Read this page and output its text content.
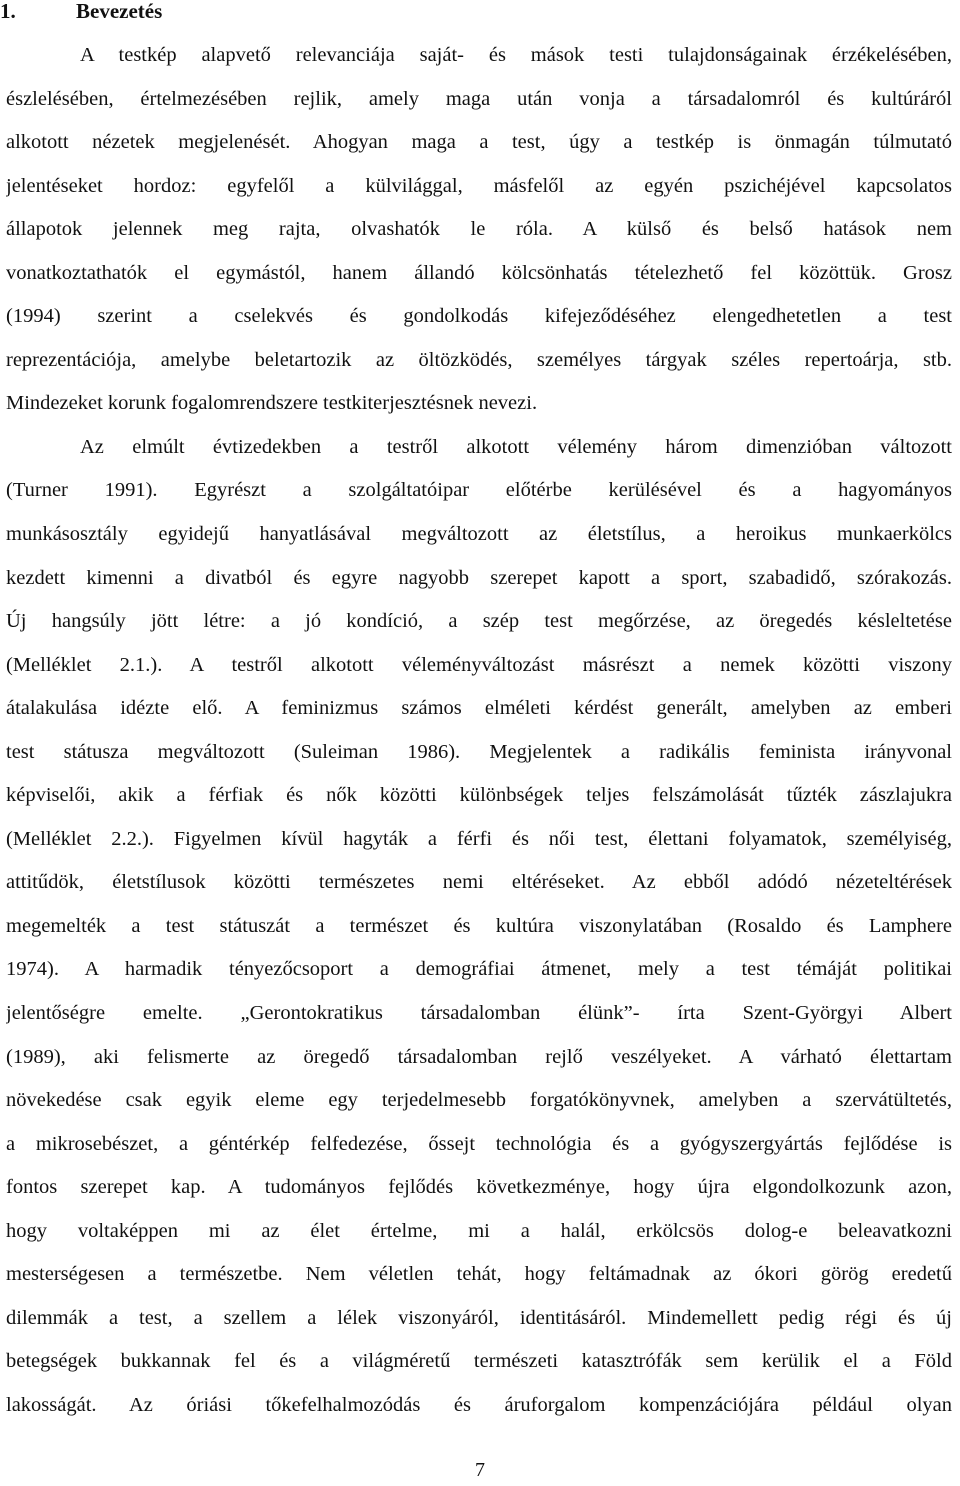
1.	Bevezetés
A testkép alapvető relevanciája saját- és mások testi tulajdonságainak érzékelésében,
észlelésében, értelmezésében rejlik, amely maga után vonja a társadalomról és kultúráról
alkotott nézetek megjelenését. Ahogyan maga a test, úgy a testkép is önmagán túlmutató
jelentéseket hordoz: egyfelől a külvilággal, másfelől az egyén pszichéjével kapcsolatos
állapotok jelennek meg rajta, olvashatók le róla. A külső és belső hatások nem
vonatkoztathatók el egymástól, hanem állandó kölcsönhatás tételezhető fel közöttük. Grosz
(1994) szerint a cselekvés és gondolkodás kifejeződéséhez elengedhetetlen a test
reprezentációja, amelybe beletartozik az öltözködés, személyes tárgyak széles repertoárja, stb.
Mindezeket korunk fogalomrendszere testkiterjesztésnek nevezi.
Az elmúlt évtizedekben a testről alkotott vélemény három dimenzióban változott
(Turner 1991). Egyrészt a szolgáltatóipar előtérbe kerülésével és a hagyományos
munkásosztály egyidejű hanyatlásával megváltozott az életstílus, a heroikus munkaerkölcs
kezdett kimenni a divatból és egyre nagyobb szerepet kapott a sport, szabadidő, szórakozás.
Új hangsúly jött létre: a jó kondíció, a szép test megőrzése, az öregedés késleltetése
(Melléklet 2.1.). A testről alkotott véleményváltozást másrészt a nemek közötti viszony
átalakulása idézte elő. A feminizmus számos elméleti kérdést generált, amelyben az emberi
test státusza megváltozott (Suleiman 1986). Megjelentek a radikális feminista irányvonal
képviselői, akik a férfiak és nők közötti különbségek teljes felszámolását tűzték zászlajukra
(Melléklet 2.2.). Figyelmen kívül hagyták a férfi és női test, élettani folyamatok, személyiség,
attitűdök, életstílusok közötti természetes nemi eltéréseket. Az ebből adódó nézeteltérések
megemelték a test státuszát a természet és kultúra viszonylatában (Rosaldo és Lamphere
1974). A harmadik tényezőcsoport a demográfiai átmenet, mely a test témáját politikai
jelentőségre emelte. „Gerontokratikus társadalomban élünk”- írta Szent-Györgyi Albert
(1989), aki felismerte az öregedő társadalomban rejlő veszélyeket. A várható élettartam
növekedése csak egyik eleme egy terjedelmesebb forgatókönyvnek, amelyben a szervátültetés,
a mikrosebészet, a géntérkép felfedezése, őssejt technológia és a gyógyszergyártás fejlődése is
fontos szerepet kap. A tudományos fejlődés következménye, hogy újra elgondolkozunk azon,
hogy voltaképpen mi az élet értelme, mi a halál, erkölcsös dolog-e beleavatkozni
mesterségesen a természetbe. Nem véletlen tehát, hogy feltámadnak az ókori görög eredetű
dilemmák a test, a szellem a lélek viszonyáról, identitásáról. Mindemellett pedig régi és új
betegségek bukkannak fel és a világméretű természeti katasztrófák sem kerülik el a Föld
lakosságát. Az óriási tőkefelhalmozódás és áruforgalom kompenzációjára például olyan
7
